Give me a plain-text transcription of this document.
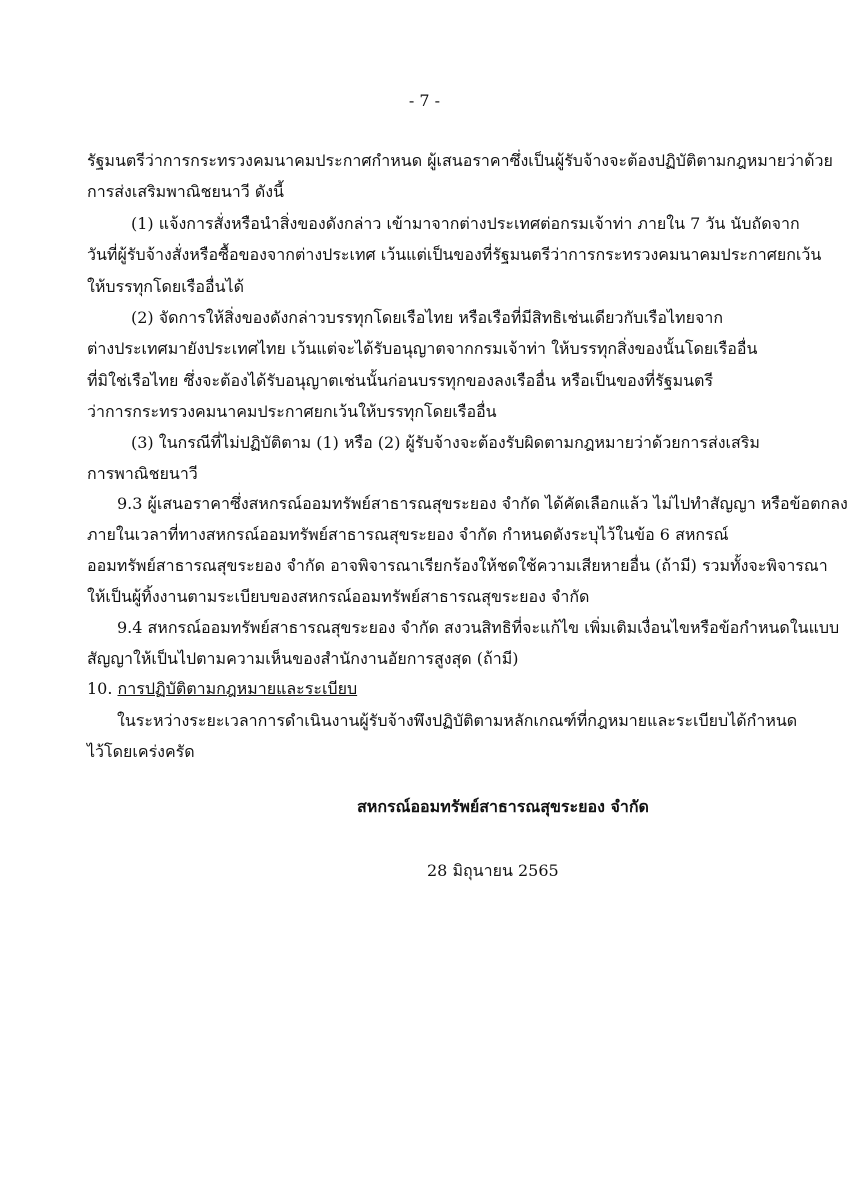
- 7 -
รัฐมนตรีว่าการกระทรวงคมนาคมประกาศกำหนด ผู้เสนอราคาซึ่งเป็นผู้รับจ้างจะต้องปฏิบัติตามกฎหมายว่าด้วย
การส่งเสริมพาณิชยนาวี ดังนี้
(1) แจ้งการสั่งหรือนำสิ่งของดังกล่าว เข้ามาจากต่างประเทศต่อกรมเจ้าท่า ภายใน 7 วัน นับถัดจาก
วันที่ผู้รับจ้างสั่งหรือซื้อของจากต่างประเทศ เว้นแต่เป็นของที่รัฐมนตรีว่าการกระทรวงคมนาคมประกาศยกเว้น
ให้บรรทุกโดยเรืออื่นได้
(2) จัดการให้สิ่งของดังกล่าวบรรทุกโดยเรือไทย หรือเรือที่มีสิทธิเช่นเดียวกับเรือไทยจาก
ต่างประเทศมายังประเทศไทย เว้นแต่จะได้รับอนุญาตจากกรมเจ้าท่า ให้บรรทุกสิ่งของนั้นโดยเรืออื่น
ที่มิใช่เรือไทย ซึ่งจะต้องได้รับอนุญาตเช่นนั้นก่อนบรรทุกของลงเรืออื่น หรือเป็นของที่รัฐมนตรี
ว่าการกระทรวงคมนาคมประกาศยกเว้นให้บรรทุกโดยเรืออื่น
(3) ในกรณีที่ไม่ปฏิบัติตาม (1) หรือ (2) ผู้รับจ้างจะต้องรับผิดตามกฎหมายว่าด้วยการส่งเสริม
การพาณิชยนาวี
9.3 ผู้เสนอราคาซึ่งสหกรณ์ออมทรัพย์สาธารณสุขระยอง จำกัด ได้คัดเลือกแล้ว ไม่ไปทำสัญญา หรือข้อตกลง
ภายในเวลาที่ทางสหกรณ์ออมทรัพย์สาธารณสุขระยอง จำกัด กำหนดดังระบุไว้ในข้อ 6 สหกรณ์
ออมทรัพย์สาธารณสุขระยอง จำกัด อาจพิจารณาเรียกร้องให้ชดใช้ความเสียหายอื่น (ถ้ามี) รวมทั้งจะพิจารณา
ให้เป็นผู้ทิ้งงานตามระเบียบของสหกรณ์ออมทรัพย์สาธารณสุขระยอง จำกัด
9.4 สหกรณ์ออมทรัพย์สาธารณสุขระยอง จำกัด สงวนสิทธิที่จะแก้ไข เพิ่มเติมเงื่อนไขหรือข้อกำหนดในแบบ
สัญญาให้เป็นไปตามความเห็นของสำนักงานอัยการสูงสุด (ถ้ามี)
10. การปฏิบัติตามกฎหมายและระเบียบ
ในระหว่างระยะเวลาการดำเนินงานผู้รับจ้างพึงปฏิบัติตามหลักเกณฑ์ที่กฎหมายและระเบียบได้กำหนด
ไว้โดยเคร่งครัด
สหกรณ์ออมทรัพย์สาธารณสุขระยอง จำกัด
28 มิถุนายน 2565
